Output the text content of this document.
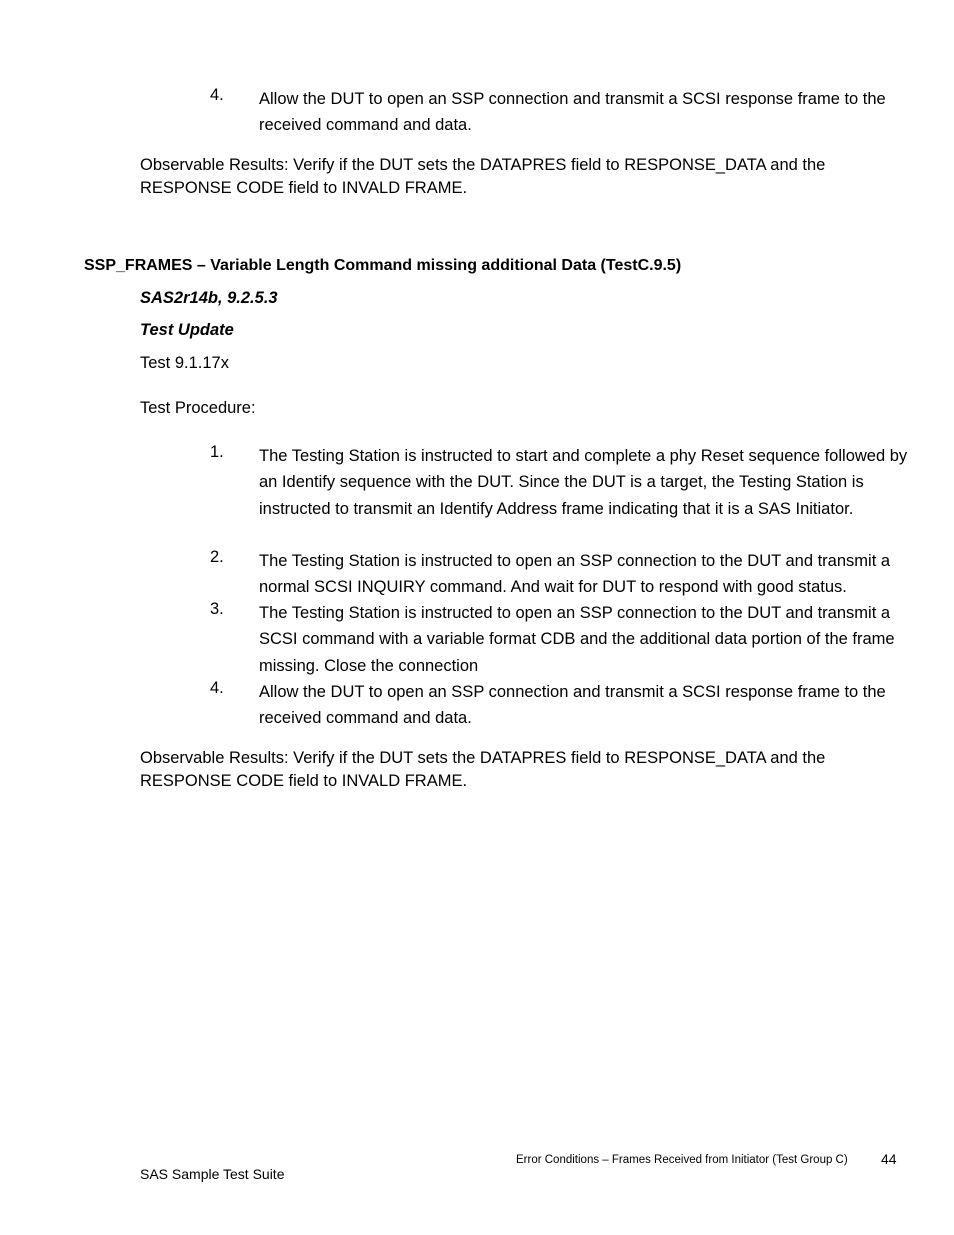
4. Allow the DUT to open an SSP connection and transmit a SCSI response frame to the received command and data.
Observable Results: Verify if the DUT sets the DATAPRES field to RESPONSE_DATA and the
RESPONSE CODE field to INVALD FRAME.
SSP_FRAMES – Variable Length Command missing additional Data (TestC.9.5)
SAS2r14b, 9.2.5.3
Test Update
Test 9.1.17x
Test Procedure:
1. The Testing Station is instructed to start and complete a phy Reset sequence followed by an Identify sequence with the DUT. Since the DUT is a target, the Testing Station is instructed to transmit an Identify Address frame indicating that it is a SAS Initiator.
2. The Testing Station is instructed to open an SSP connection to the DUT and transmit a normal SCSI INQUIRY command. And wait for DUT to respond with good status.
3. The Testing Station is instructed to open an SSP connection to the DUT and transmit a SCSI command with a variable format CDB and the additional data portion of the frame missing. Close the connection
4. Allow the DUT to open an SSP connection and transmit a SCSI response frame to the received command and data.
Observable Results: Verify if the DUT sets the DATAPRES field to RESPONSE_DATA and the
RESPONSE CODE field to INVALD FRAME.
Error Conditions – Frames Received from Initiator (Test Group C) 44
SAS Sample Test Suite
